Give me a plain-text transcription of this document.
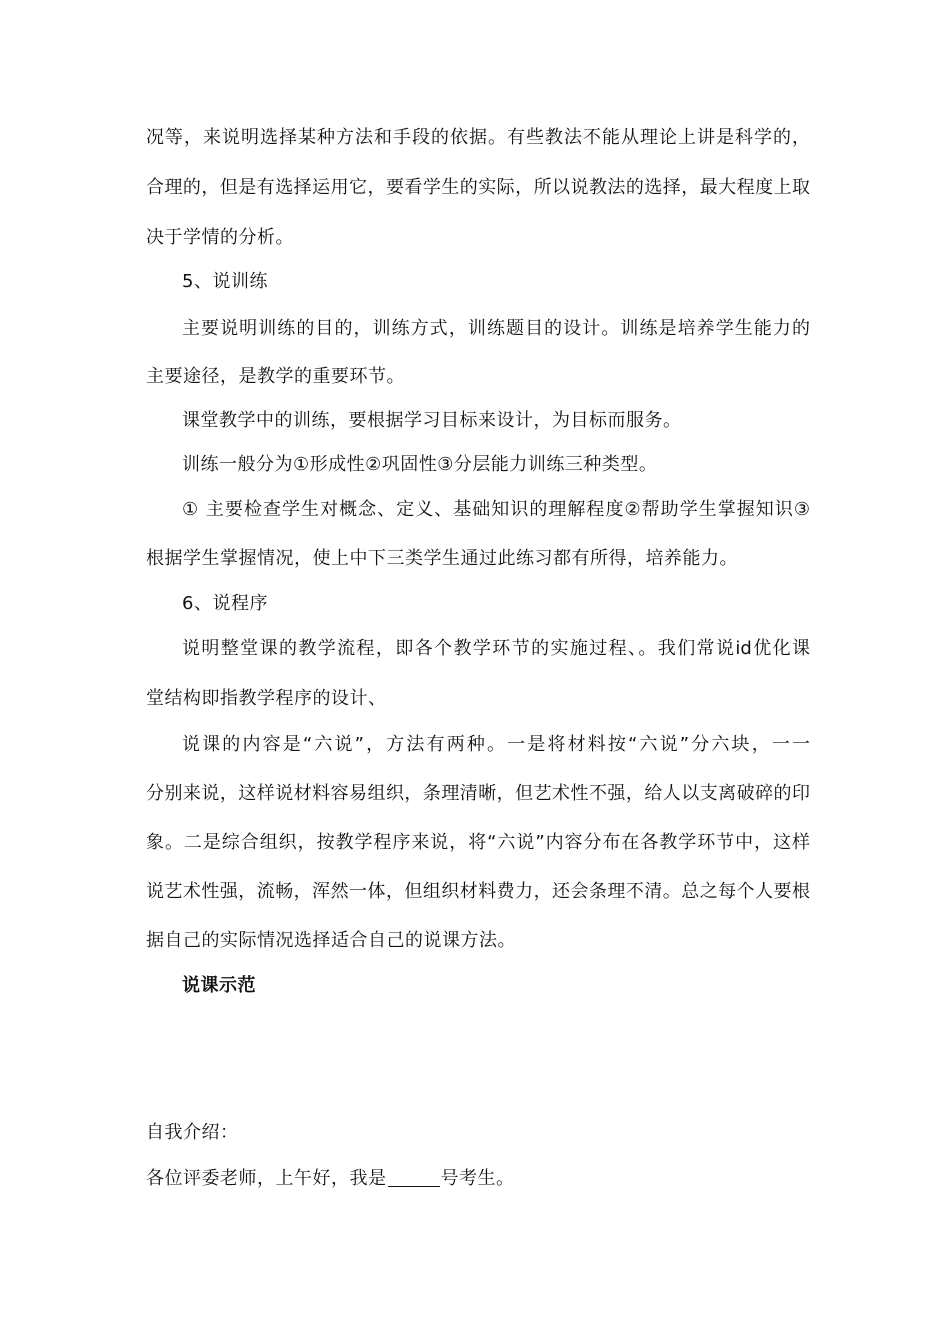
况等，来说明选择某种方法和手段的依据。有些教法不能从理论上讲是科学的，
合理的，但是有选择运用它，要看学生的实际，所以说教法的选择，最大程度上取
决于学情的分析。
5、说训练
主要说明训练的目的，训练方式，训练题目的设计。训练是培养学生能力的
主要途径，是教学的重要环节。
课堂教学中的训练，要根据学习目标来设计，为目标而服务。
训练一般分为①形成性②巩固性③分层能力训练三种类型。
① 主要检查学生对概念、定义、基础知识的理解程度②帮助学生掌握知识③
根据学生掌握情况，使上中下三类学生通过此练习都有所得，培养能力。
6、说程序
说明整堂课的教学流程，即各个教学环节的实施过程、。我们常说id优化课
堂结构即指教学程序的设计、
说课的内容是“六说”，方法有两种。一是将材料按“六说”分六块，一一
分别来说，这样说材料容易组织，条理清晰，但艺术性不强，给人以支离破碎的印
象。二是综合组织，按教学程序来说，将“六说”内容分布在各教学环节中，这样
说艺术性强，流畅，浑然一体，但组织材料费力，还会条理不清。总之每个人要根
据自己的实际情况选择适合自己的说课方法。
说课示范
自我介绍：
各位评委老师，上午好，我是	号考生。
